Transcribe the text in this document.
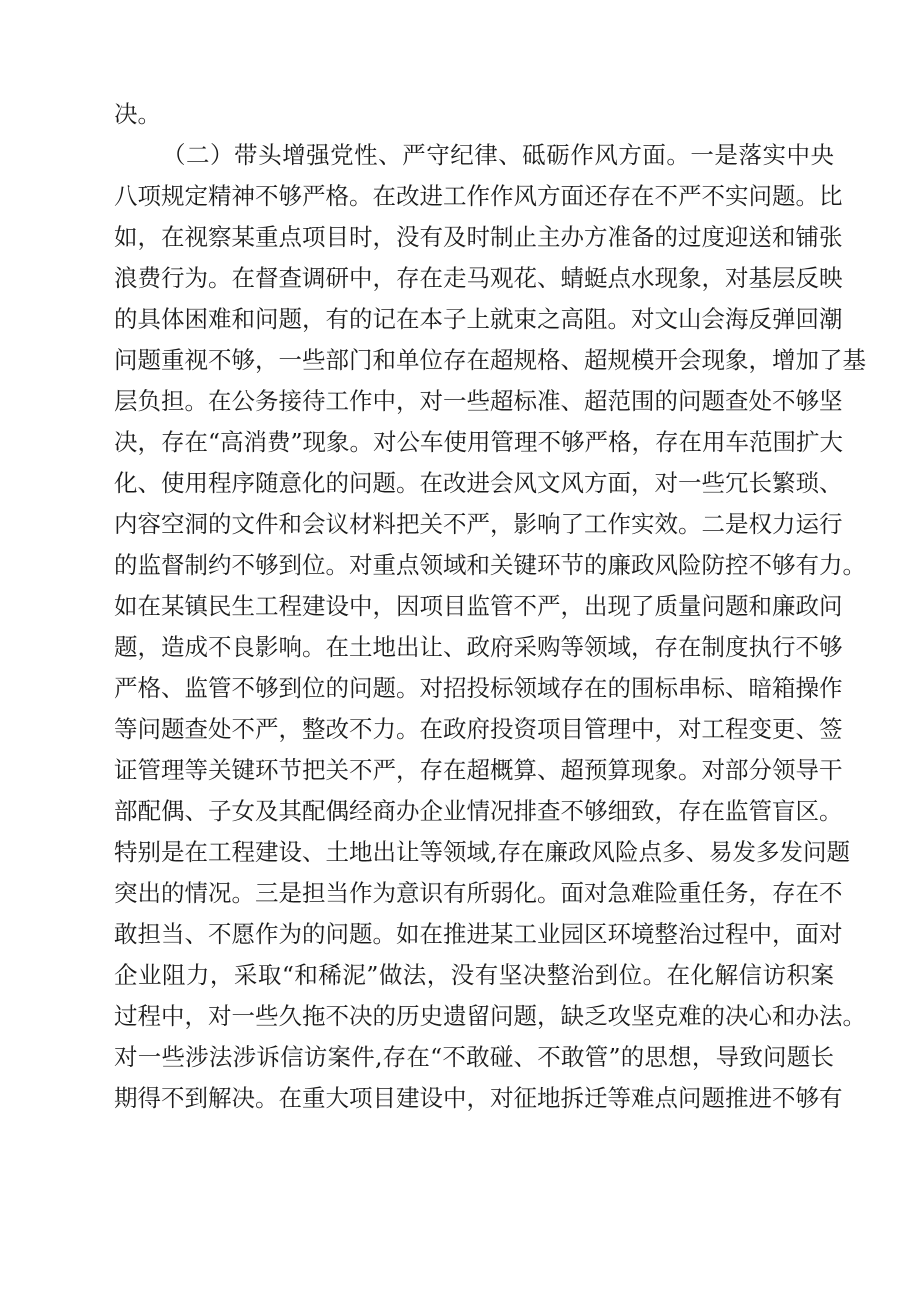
决。
（二）带头增强党性、严守纪律、砥砺作风方面。一是落实中央
八项规定精神不够严格。在改进工作作风方面还存在不严不实问题。比
如，在视察某重点项目时，没有及时制止主办方准备的过度迎送和铺张
浪费行为。在督查调研中，存在走马观花、蜻蜓点水现象，对基层反映
的具体困难和问题，有的记在本子上就束之高阻。对文山会海反弹回潮
问题重视不够，一些部门和单位存在超规格、超规模开会现象，增加了基
层负担。在公务接待工作中，对一些超标准、超范围的问题查处不够坚
决，存在“高消费”现象。对公车使用管理不够严格，存在用车范围扩大
化、使用程序随意化的问题。在改进会风文风方面，对一些冗长繁琐、
内容空洞的文件和会议材料把关不严，影响了工作实效。二是权力运行
的监督制约不够到位。对重点领域和关键环节的廉政风险防控不够有力。
如在某镇民生工程建设中，因项目监管不严，出现了质量问题和廉政问
题，造成不良影响。在土地出让、政府采购等领域，存在制度执行不够
严格、监管不够到位的问题。对招投标领域存在的围标串标、暗箱操作
等问题查处不严，整改不力。在政府投资项目管理中，对工程变更、签
证管理等关键环节把关不严，存在超概算、超预算现象。对部分领导干
部配偶、子女及其配偶经商办企业情况排查不够细致，存在监管盲区。
特别是在工程建设、土地出让等领域,存在廉政风险点多、易发多发问题
突出的情况。三是担当作为意识有所弱化。面对急难险重任务，存在不
敢担当、不愿作为的问题。如在推进某工业园区环境整治过程中，面对
企业阻力，采取“和稀泥”做法，没有坚决整治到位。在化解信访积案
过程中，对一些久拖不决的历史遗留问题，缺乏攻坚克难的决心和办法。
对一些涉法涉诉信访案件,存在“不敢碰、不敢管”的思想，导致问题长
期得不到解决。在重大项目建设中，对征地拆迁等难点问题推进不够有
